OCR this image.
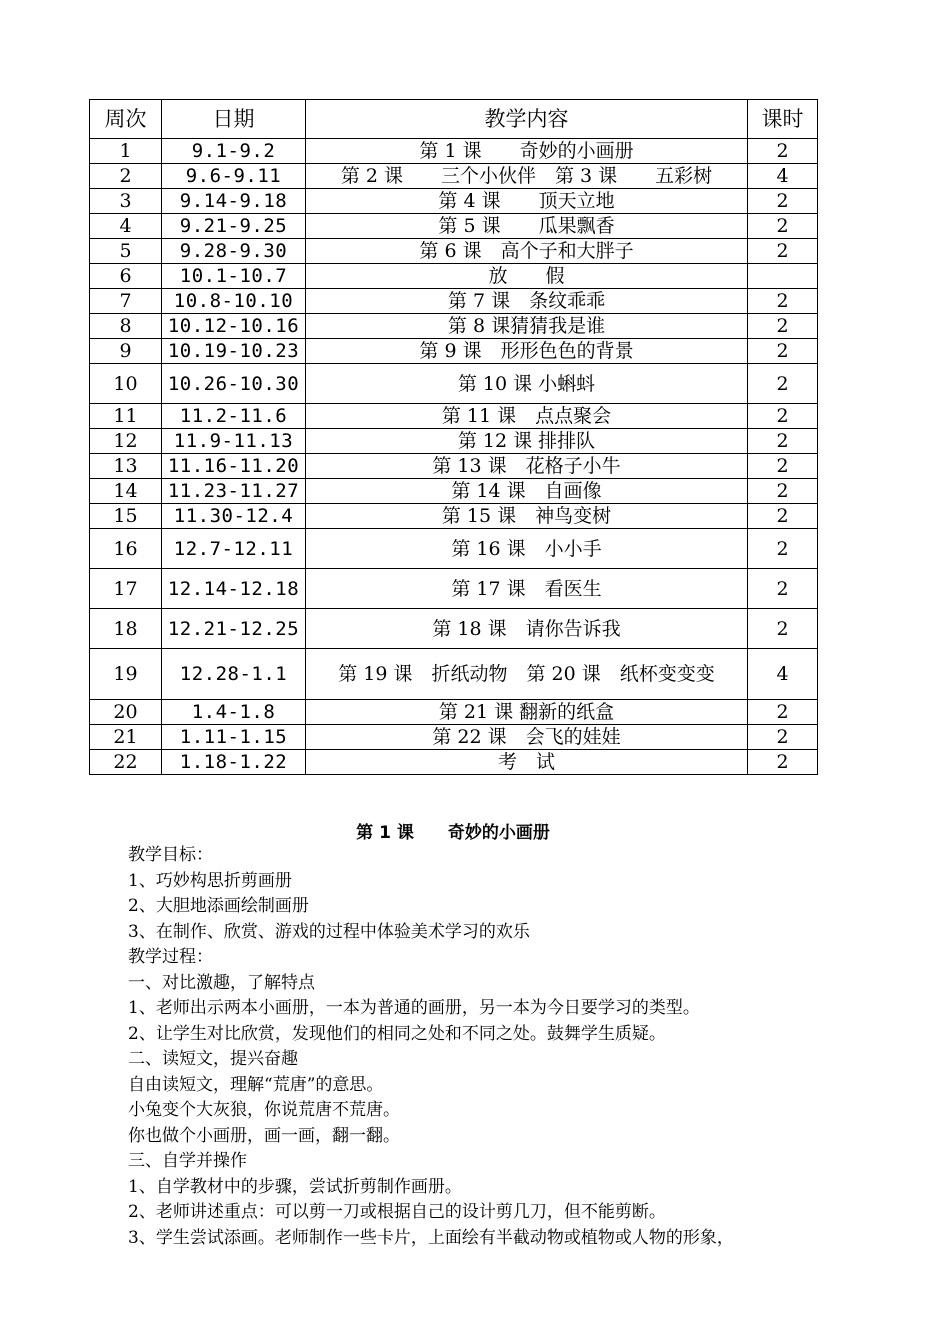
周次	日期	教学内容	课时
1	9.1-9.2	第 1 课　　奇妙的小画册	2
2	9.6-9.11	第 2 课　　三个小伙伴　第 3 课　　五彩树	4
3	9.14-9.18	第 4 课　　顶天立地	2
4	9.21-9.25	第 5 课　　瓜果飘香	2
5	9.28-9.30	第 6 课　高个子和大胖子	2
6	10.1-10.7	放　　假	
7	10.8-10.10	第 7 课　条纹乖乖	2
8	10.12-10.16	第 8 课猜猜我是谁	2
9	10.19-10.23	第 9 课　形形色色的背景	2
10	10.26-10.30	第 10 课 小蝌蚪	2
11	11.2-11.6	第 11 课　点点聚会	2
12	11.9-11.13	第 12 课 排排队	2
13	11.16-11.20	第 13 课　花格子小牛	2
14	11.23-11.27	第 14 课　自画像	2
15	11.30-12.4	第 15 课　神鸟变树	2
16	12.7-12.11	第 16 课　小小手	2
17	12.14-12.18	第 17 课　看医生	2
18	12.21-12.25	第 18 课　请你告诉我	2
19	12.28-1.1	第 19 课　折纸动物　第 20 课　纸杯变变变	4
20	1.4-1.8	第 21 课 翻新的纸盒	2
21	1.11-1.15	第 22 课　会飞的娃娃	2
22	1.18-1.22	考　试	2
第 1 课　　奇妙的小画册

教学目标：

1、巧妙构思折剪画册

2、大胆地添画绘制画册

3、在制作、欣赏、游戏的过程中体验美术学习的欢乐

教学过程：

一、对比激趣，了解特点

1、老师出示两本小画册，一本为普通的画册，另一本为今日要学习的类型。

2、让学生对比欣赏，发现他们的相同之处和不同之处。鼓舞学生质疑。

二、读短文，提兴奋趣

自由读短文，理解“荒唐”的意思。

小兔变个大灰狼，你说荒唐不荒唐。

你也做个小画册，画一画，翻一翻。

三、自学并操作

1、自学教材中的步骤，尝试折剪制作画册。

2、老师讲述重点：可以剪一刀或根据自己的设计剪几刀，但不能剪断。

3、学生尝试添画。老师制作一些卡片，上面绘有半截动物或植物或人物的形象，
